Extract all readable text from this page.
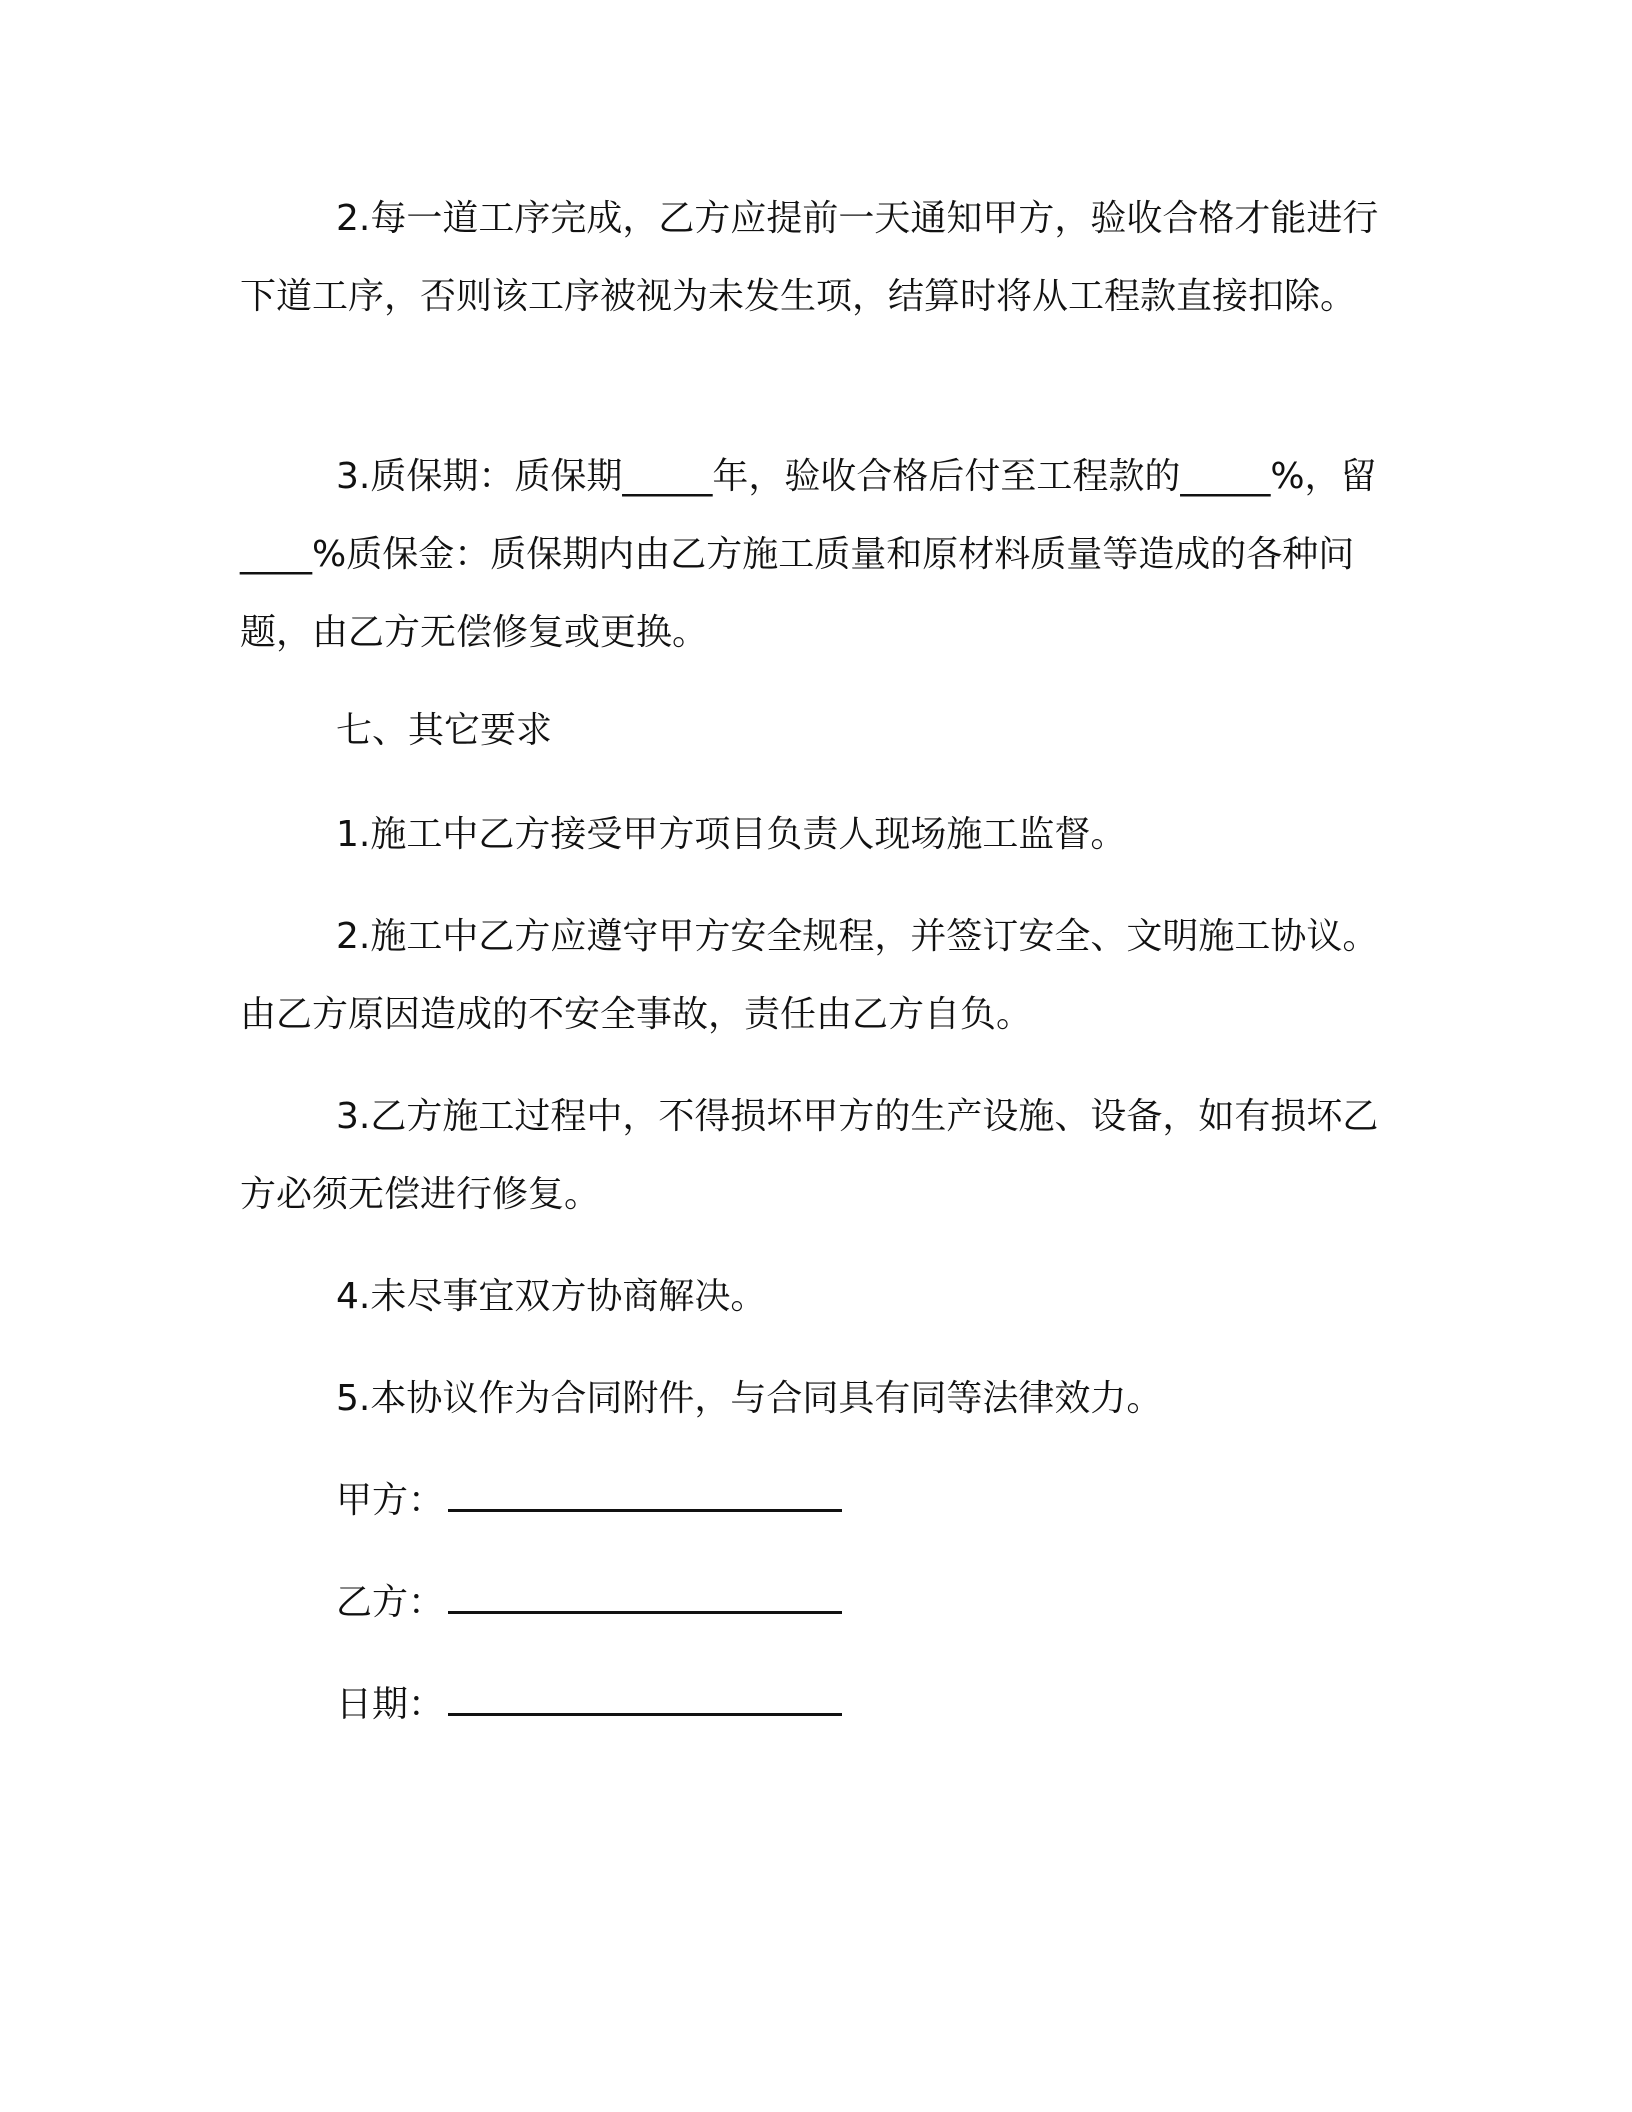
2.每一道工序完成，乙方应提前一天通知甲方，验收合格才能进行下道工序，否则该工序被视为未发生项，结算时将从工程款直接扣除。

3.质保期：质保期_____年，验收合格后付至工程款的_____%，留____%质保金：质保期内由乙方施工质量和原材料质量等造成的各种问题，由乙方无偿修复或更换。

七、其它要求

1.施工中乙方接受甲方项目负责人现场施工监督。

2.施工中乙方应遵守甲方安全规程，并签订安全、文明施工协议。由乙方原因造成的不安全事故，责任由乙方自负。

3.乙方施工过程中，不得损坏甲方的生产设施、设备，如有损坏乙方必须无偿进行修复。

4.未尽事宜双方协商解决。

5.本协议作为合同附件，与合同具有同等法律效力。

甲方：
乙方：
日期：
